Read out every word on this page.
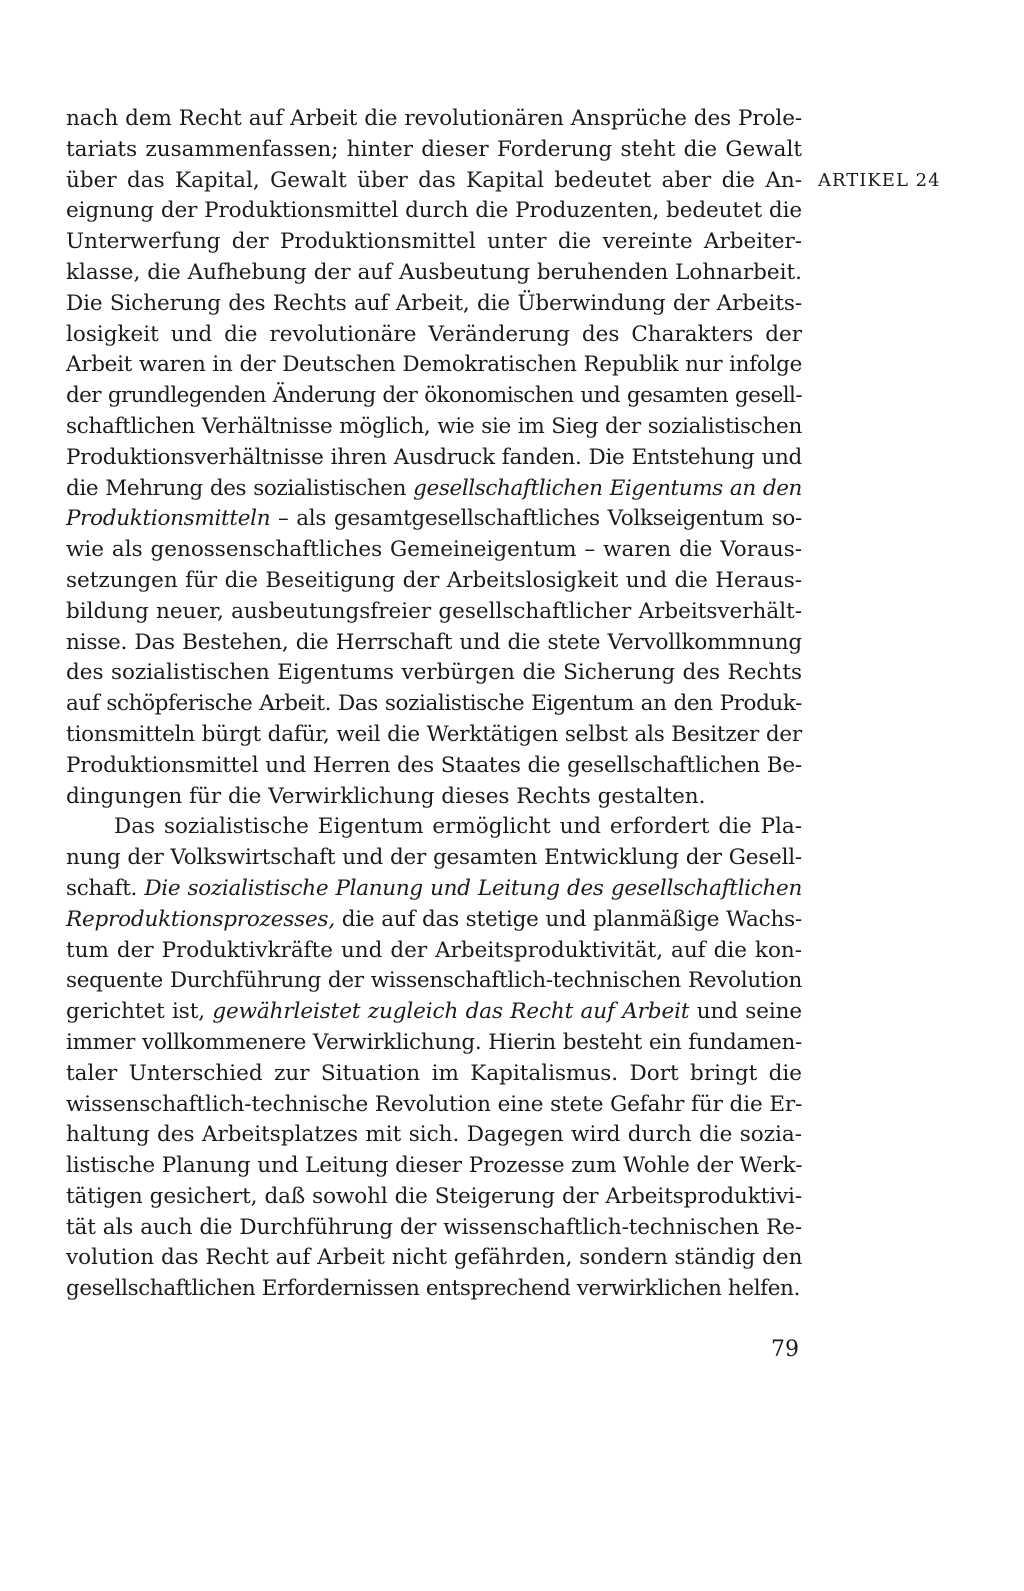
nach dem Recht auf Arbeit die revolutionären Ansprüche des Prole-
tariats zusammenfassen; hinter dieser Forderung steht die Gewalt
über das Kapital, Gewalt über das Kapital bedeutet aber die An-
eignung der Produktionsmittel durch die Produzenten, bedeutet die
Unterwerfung der Produktionsmittel unter die vereinte Arbeiter-
klasse, die Aufhebung der auf Ausbeutung beruhenden Lohnarbeit.
Die Sicherung des Rechts auf Arbeit, die Überwindung der Arbeits-
losigkeit und die revolutionäre Veränderung des Charakters der
Arbeit waren in der Deutschen Demokratischen Republik nur infolge
der grundlegenden Änderung der ökonomischen und gesamten gesell-
schaftlichen Verhältnisse möglich, wie sie im Sieg der sozialistischen
Produktionsverhältnisse ihren Ausdruck fanden. Die Entstehung und
die Mehrung des sozialistischen gesellschaftlichen Eigentums an den
Produktionsmitteln – als gesamtgesellschaftliches Volkseigentum so-
wie als genossenschaftliches Gemeineigentum – waren die Voraus-
setzungen für die Beseitigung der Arbeitslosigkeit und die Heraus-
bildung neuer, ausbeutungsfreier gesellschaftlicher Arbeitsverhält-
nisse. Das Bestehen, die Herrschaft und die stete Vervollkommnung
des sozialistischen Eigentums verbürgen die Sicherung des Rechts
auf schöpferische Arbeit. Das sozialistische Eigentum an den Produk-
tionsmitteln bürgt dafür, weil die Werktätigen selbst als Besitzer der
Produktionsmittel und Herren des Staates die gesellschaftlichen Be-
dingungen für die Verwirklichung dieses Rechts gestalten.
Das sozialistische Eigentum ermöglicht und erfordert die Pla-
nung der Volkswirtschaft und der gesamten Entwicklung der Gesell-
schaft. Die sozialistische Planung und Leitung des gesellschaftlichen
Reproduktionsprozesses, die auf das stetige und planmäßige Wachs-
tum der Produktivkräfte und der Arbeitsproduktivität, auf die kon-
sequente Durchführung der wissenschaftlich-technischen Revolution
gerichtet ist, gewährleistet zugleich das Recht auf Arbeit und seine
immer vollkommenere Verwirklichung. Hierin besteht ein fundamen-
taler Unterschied zur Situation im Kapitalismus. Dort bringt die
wissenschaftlich-technische Revolution eine stete Gefahr für die Er-
haltung des Arbeitsplatzes mit sich. Dagegen wird durch die sozia-
listische Planung und Leitung dieser Prozesse zum Wohle der Werk-
tätigen gesichert, daß sowohl die Steigerung der Arbeitsproduktivi-
tät als auch die Durchführung der wissenschaftlich-technischen Re-
volution das Recht auf Arbeit nicht gefährden, sondern ständig den
gesellschaftlichen Erfordernissen entsprechend verwirklichen helfen.
ARTIKEL 24
79
